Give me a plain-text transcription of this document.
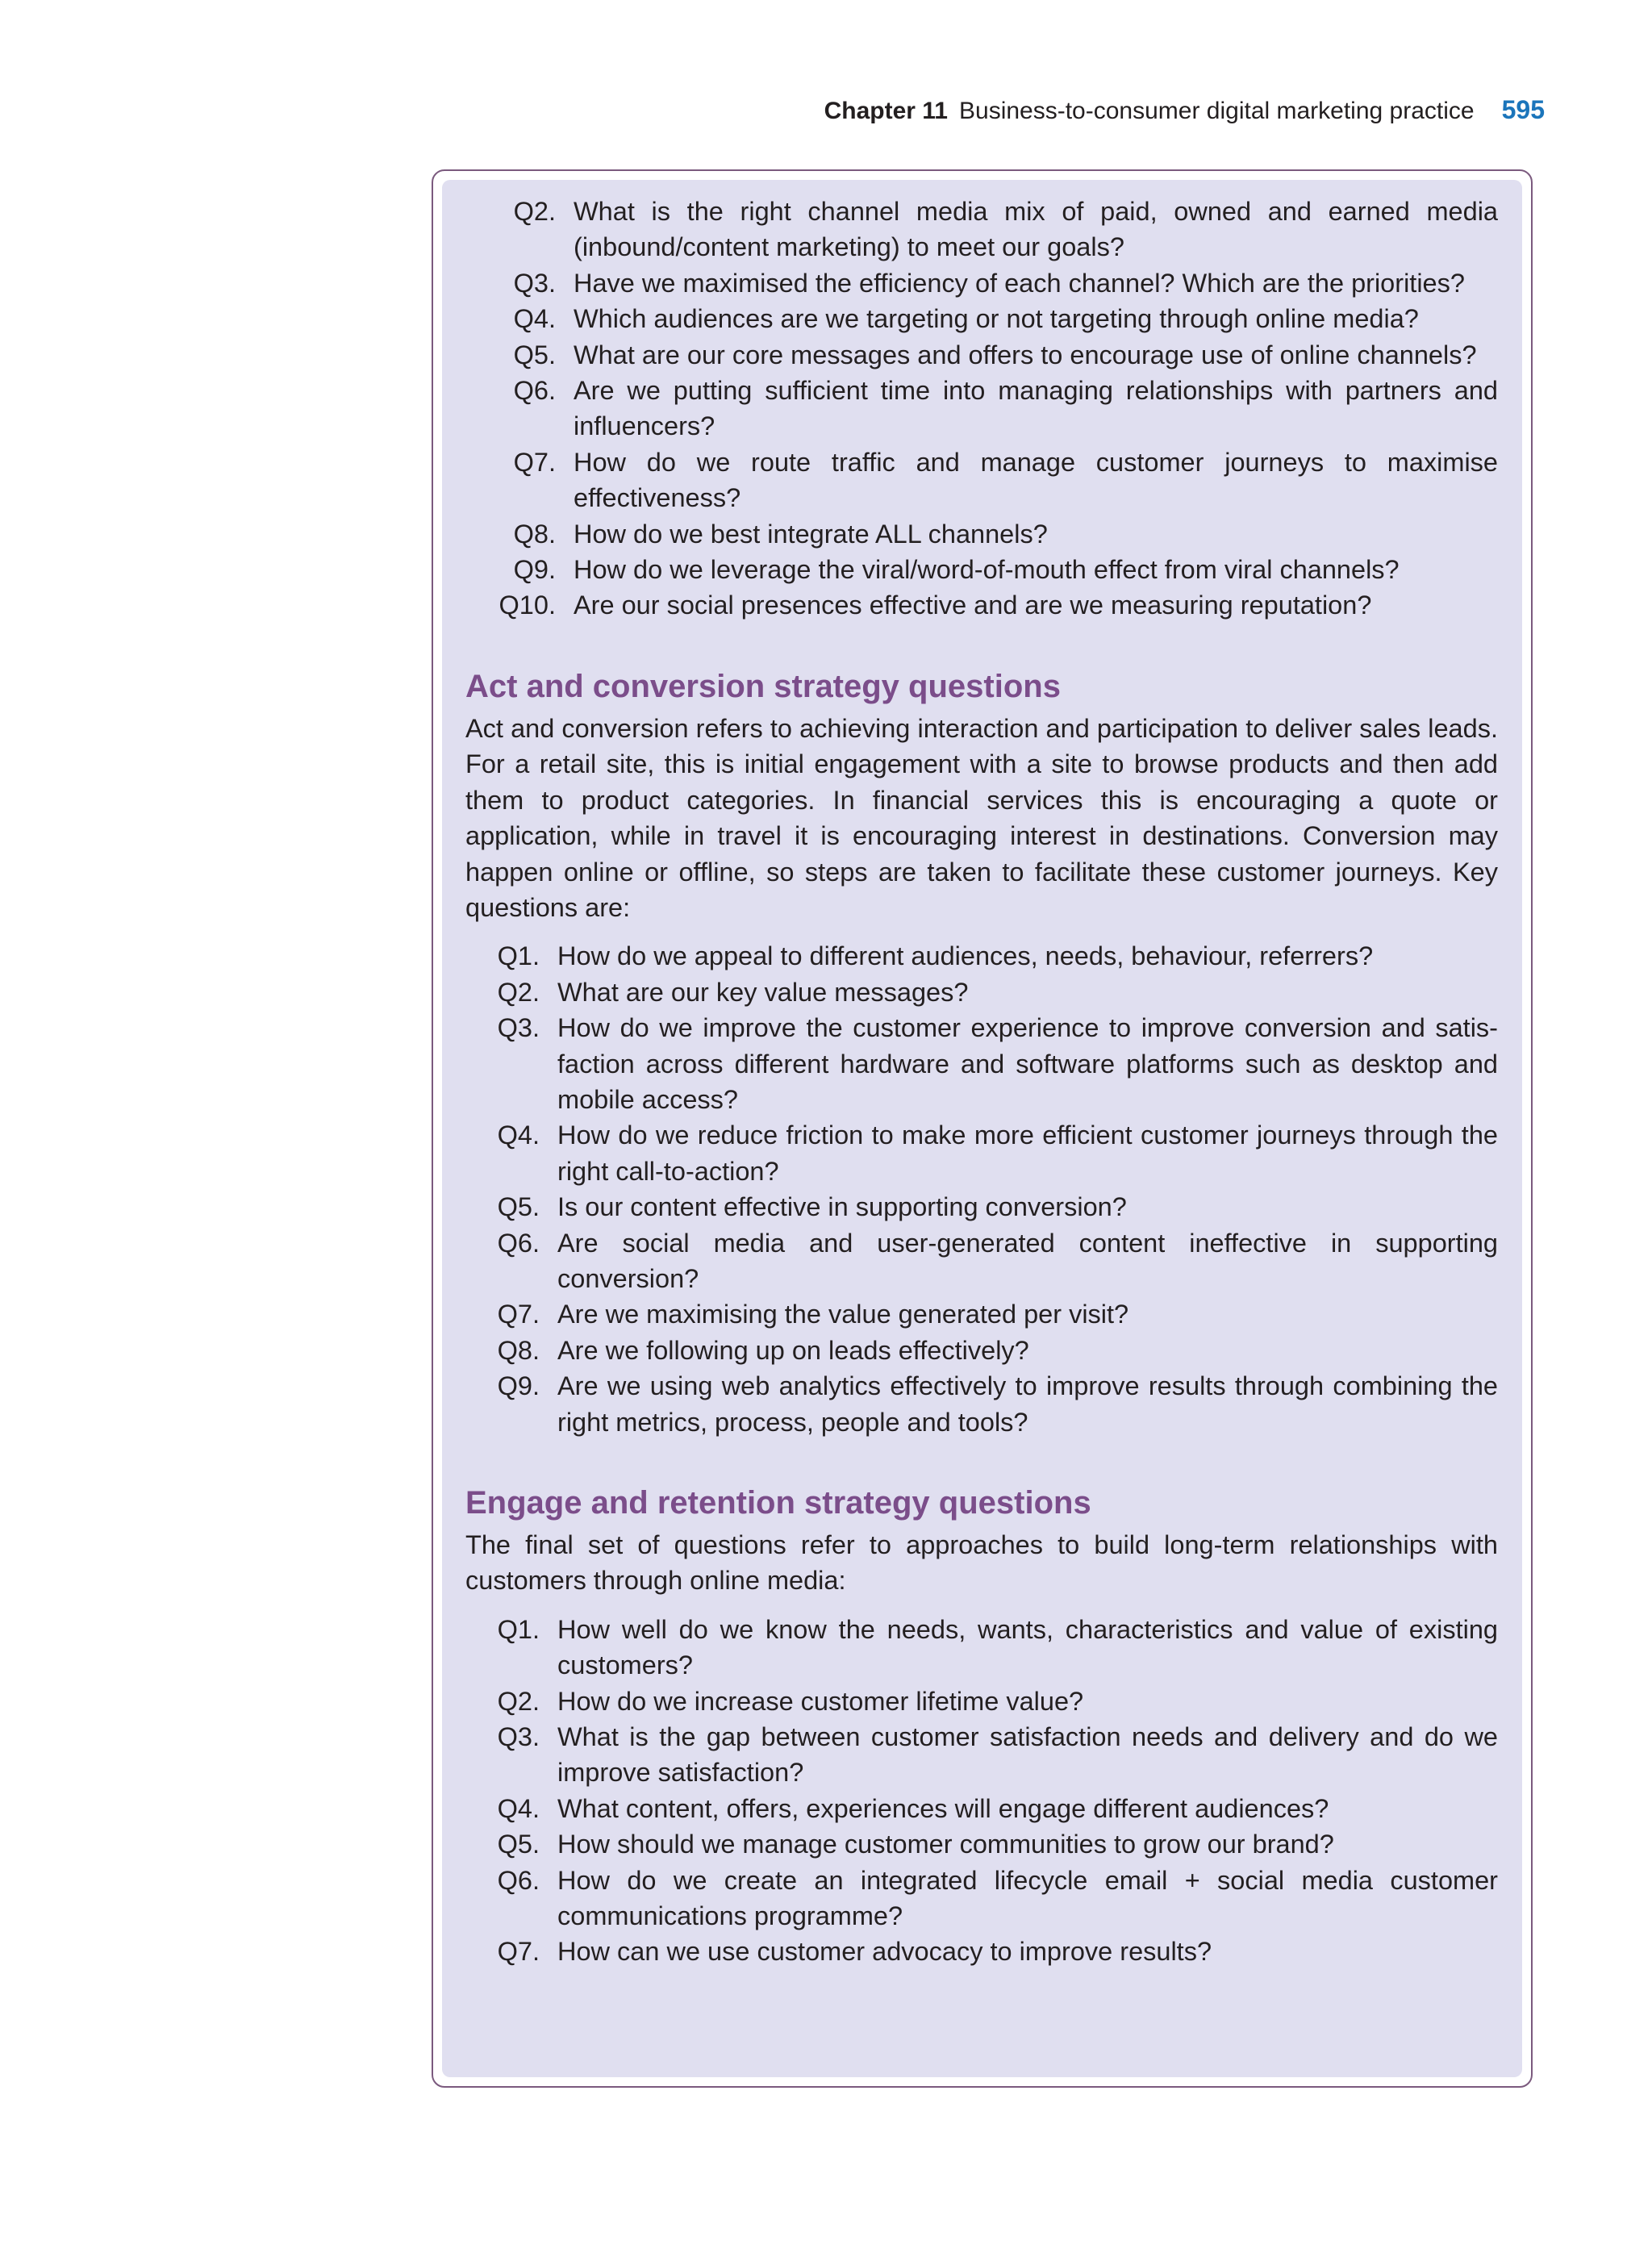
Chapter 11 Business-to-consumer digital marketing practice 595
Q2. What is the right channel media mix of paid, owned and earned media (inbound/content marketing) to meet our goals?
Q3. Have we maximised the efficiency of each channel? Which are the priorities?
Q4. Which audiences are we targeting or not targeting through online media?
Q5. What are our core messages and offers to encourage use of online channels?
Q6. Are we putting sufficient time into managing relationships with partners and influencers?
Q7. How do we route traffic and manage customer journeys to maximise effectiveness?
Q8. How do we best integrate ALL channels?
Q9. How do we leverage the viral/word-of-mouth effect from viral channels?
Q10. Are our social presences effective and are we measuring reputation?
Act and conversion strategy questions

Act and conversion refers to achieving interaction and participation to deliver sales leads. For a retail site, this is initial engagement with a site to browse products and then add them to product categories. In financial services this is encouraging a quote or application, while in travel it is encouraging interest in destinations. Conversion may happen online or offline, so steps are taken to facilitate these customer journeys. Key questions are:

Q1. How do we appeal to different audiences, needs, behaviour, referrers?
Q2. What are our key value messages?
Q3. How do we improve the customer experience to improve conversion and satis-faction across different hardware and software platforms such as desktop and mobile access?
Q4. How do we reduce friction to make more efficient customer journeys through the right call-to-action?
Q5. Is our content effective in supporting conversion?
Q6. Are social media and user-generated content ineffective in supporting conversion?
Q7. Are we maximising the value generated per visit?
Q8. Are we following up on leads effectively?
Q9. Are we using web analytics effectively to improve results through combining the right metrics, process, people and tools?
Engage and retention strategy questions

The final set of questions refer to approaches to build long-term relationships with customers through online media:

Q1. How well do we know the needs, wants, characteristics and value of existing customers?
Q2. How do we increase customer lifetime value?
Q3. What is the gap between customer satisfaction needs and delivery and do we improve satisfaction?
Q4. What content, offers, experiences will engage different audiences?
Q5. How should we manage customer communities to grow our brand?
Q6. How do we create an integrated lifecycle email + social media customer communications programme?
Q7. How can we use customer advocacy to improve results?
